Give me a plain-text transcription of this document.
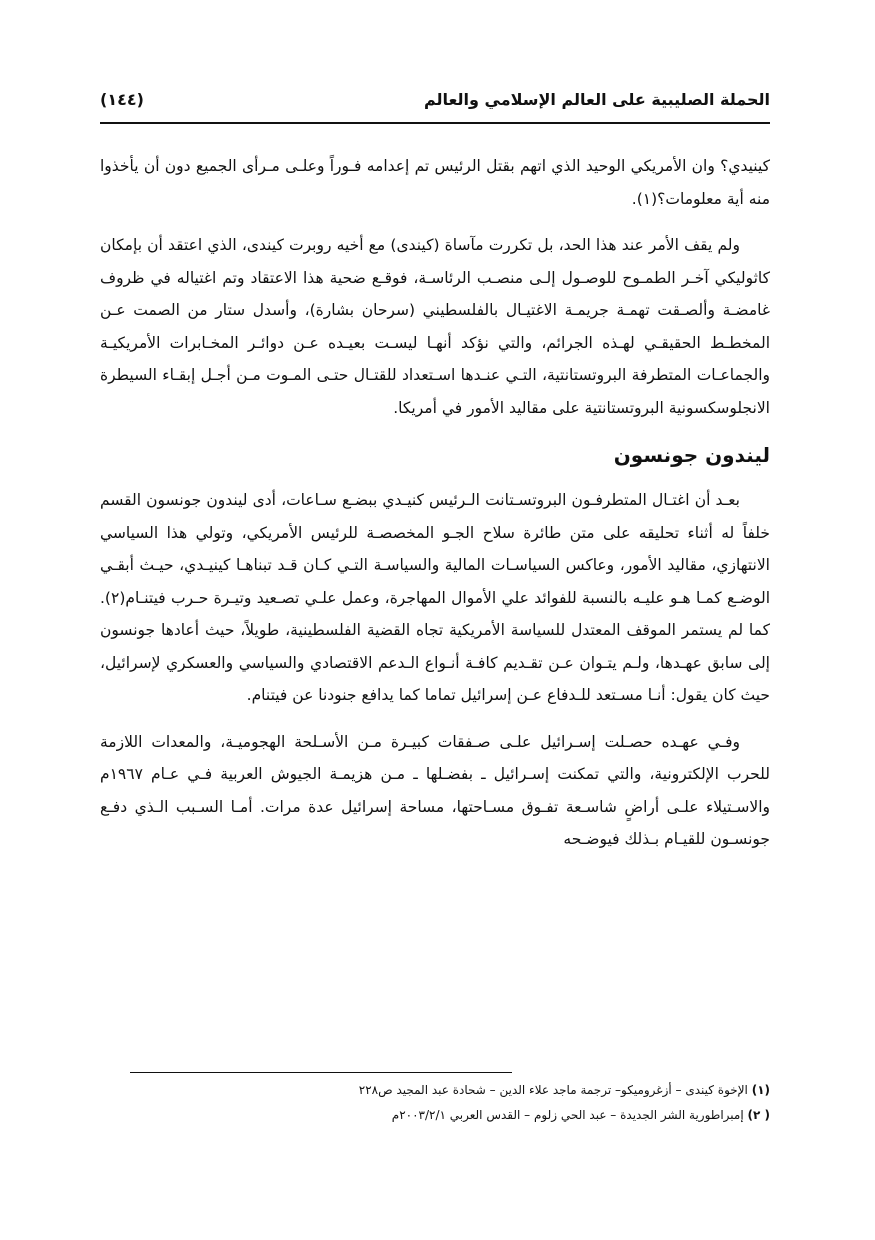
الحملة الصليبية على العالم الإسلامي والعالم
(١٤٤)

كينيدي؟ وان الأمريكي الوحيد الذي اتهم بقتل الرئيس تم إعدامه فـوراً وعلـى مـرأى الجميع دون أن يأخذوا منه أية معلومات؟(١).

ولم يقف الأمر عند هذا الحد، بل تكررت مآساة (كيندى) مع أخيه روبرت كيندى، الذي اعتقد أن بإمكان كاثوليكي آخـر الطمـوح للوصـول إلـى منصـب الرئاسـة، فوقـع ضحية هذا الاعتقاد وتم اغتياله في ظروف غامضـة وألصـقت تهمـة جريمـة الاغتيـال بالفلسطيني (سرحان بشارة)، وأسدل ستار من الصمت عـن المخطـط الحقيقـي لهـذه الجرائم، والتي نؤكد أنهـا ليسـت بعيـده عـن دوائـر المخـابرات الأمريكيـة والجماعـات المتطرفة البروتستانتية، التـي عنـدها اسـتعداد للقتـال حتـى المـوت مـن أجـل إبقـاء السيطرة الانجلوسكسونية البروتستانتية على مقاليد الأمور في أمريكا.

ليندون جونسون

بعـد أن اغتـال المتطرفـون البروتسـتانت الـرئيس كنيـدي ببضـع سـاعات، أدى ليندون جونسون القسم خلفاً له أثناء تحليقه على متن طائرة سلاح الجـو المخصصـة للرئيس الأمريكي، وتولي هذا السياسي الانتهازي، مقاليد الأمور، وعاكس السياسـات المالية والسياسـة التـي كـان قـد تبناهـا كينيـدي، حيـث أبقـي الوضـع كمـا هـو عليـه بالنسبة للفوائد علي الأموال المهاجرة، وعمل علـي تصـعيد وتيـرة حـرب فيتنـام(٢). كما لم يستمر الموقف المعتدل للسياسة الأمريكية تجاه القضية الفلسطينية، طويلاً، حيث أعادها جونسون إلى سابق عهـدها، ولـم يتـوان عـن تقـديم كافـة أنـواع الـدعم الاقتصادي والسياسي والعسكري لإسرائيل، حيث كان يقول: أنـا مسـتعد للـدفاع عـن إسرائيل تماما كما يدافع جنودنا عن فيتنام.

وفـي عهـده حصـلت إسـرائيل علـى صـفقات كبيـرة مـن الأسـلحة الهجوميـة، والمعدات اللازمة للحرب الإلكترونية، والتي تمكنت إسـرائيل ـ بفضـلها ـ مـن هزيمـة الجيوش العربية فـي عـام ١٩٦٧م والاسـتيلاء علـى أراضٍ شاسـعة تفـوق مسـاحتها، مساحة إسرائيل عدة مرات. أمـا السـبب الـذي دفـع جونسـون للقيـام بـذلك فيوضـحه

(١) الإخوة كيندى – أزغروميكو– ترجمة ماجد علاء الدين – شحادة عبد المجيد ص٢٢٨
( ٢) إمبراطورية الشر الجديدة – عبد الحي زلوم – القدس العربي ٢٠٠٣/٢/١م
